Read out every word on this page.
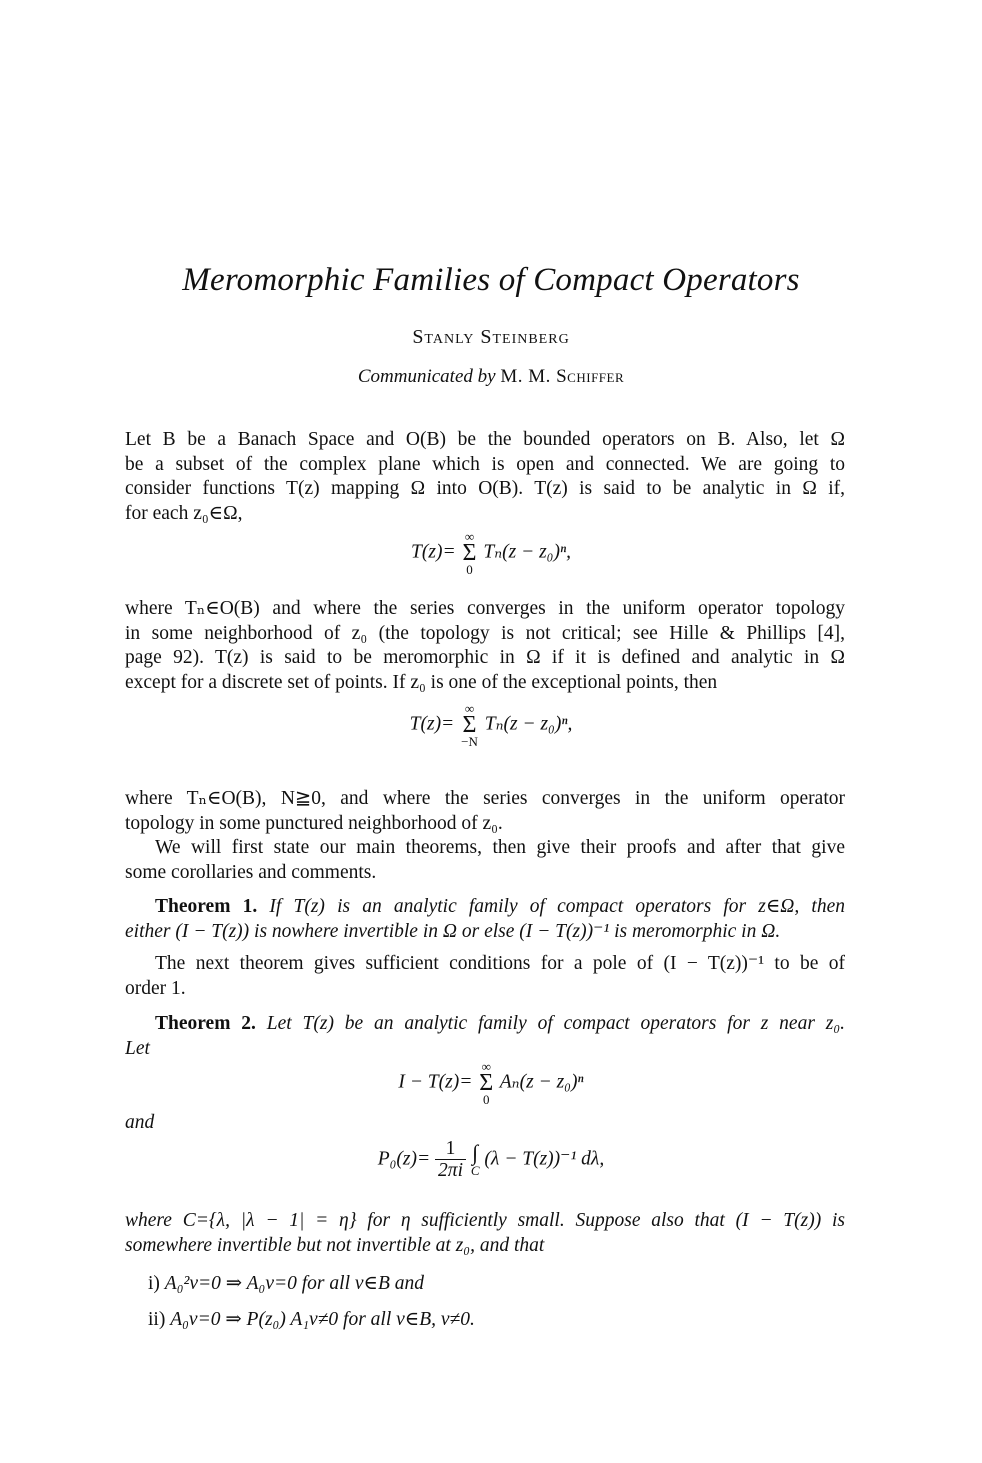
Meromorphic Families of Compact Operators
Stanly Steinberg
Communicated by M. M. Schiffer
Let B be a Banach Space and O(B) be the bounded operators on B. Also, let Ω
be a subset of the complex plane which is open and connected. We are going to
consider functions T(z) mapping Ω into O(B). T(z) is said to be analytic in Ω if,
for each z₀∈Ω,
T(z)=
∞
Σ
0
Tₙ(z − z₀)ⁿ,
where Tₙ∈O(B) and where the series converges in the uniform operator topology
in some neighborhood of z₀ (the topology is not critical; see Hille & Phillips [4],
page 92). T(z) is said to be meromorphic in Ω if it is defined and analytic in Ω
except for a discrete set of points. If z₀ is one of the exceptional points, then
T(z)=
∞
Σ
−N
Tₙ(z − z₀)ⁿ,
where Tₙ∈O(B), N≧0, and where the series converges in the uniform operator
topology in some punctured neighborhood of z₀.
We will first state our main theorems, then give their proofs and after that give
some corollaries and comments.
Theorem 1. If T(z) is an analytic family of compact operators for z∈Ω, then
either (I − T(z)) is nowhere invertible in Ω or else (I − T(z))⁻¹ is meromorphic in Ω.
The next theorem gives sufficient conditions for a pole of (I − T(z))⁻¹ to be of
order 1.
Theorem 2. Let T(z) be an analytic family of compact operators for z near z₀.
Let
I − T(z)=
∞
Σ
0
Aₙ(z − z₀)ⁿ
and
$P_0(z)= \frac{1}{2\pi i}$
∫
C
(λ − T(z))⁻¹ dλ,
where C={λ, |λ − 1| = η} for η sufficiently small. Suppose also that (I − T(z)) is
somewhere invertible but not invertible at z₀, and that
i) A₀²v=0 ⇒ A₀v=0 for all v∈B and
ii) A₀v=0 ⇒ P(z₀) A₁v≠0 for all v∈B, v≠0.
